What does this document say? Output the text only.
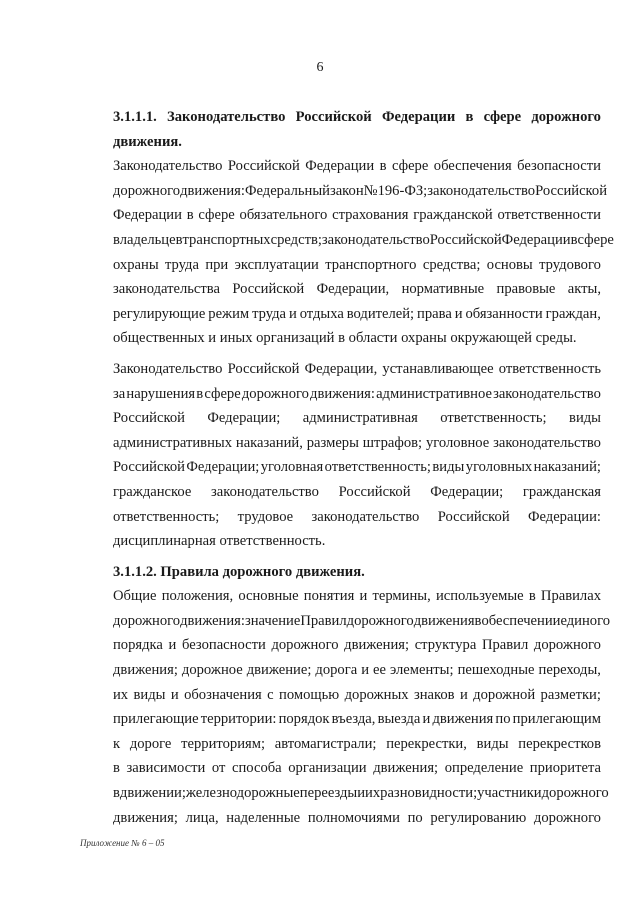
6
3.1.1.1. Законодательство Российской Федерации в сфере дорожного
движения.
Законодательство Российской Федерации в сфере обеспечения безопасности
дорожного движения: Федеральный закон № 196-ФЗ; законодательство Российской
Федерации в сфере обязательного страхования гражданской ответственности
владельцев транспортных средств; законодательство Российской Федерации в сфере
охраны труда при эксплуатации транспортного средства; основы трудового
законодательства Российской Федерации, нормативные правовые акты,
регулирующие режим труда и отдыха водителей; права и обязанности граждан,
общественных и иных организаций в области охраны окружающей среды.
Законодательство Российской Федерации, устанавливающее ответственность
за нарушения в сфере дорожного движения: административное законодательство
Российской Федерации; административная ответственность; виды
административных наказаний, размеры штрафов; уголовное законодательство
Российской Федерации; уголовная ответственность; виды уголовных наказаний;
гражданское законодательство Российской Федерации; гражданская
ответственность; трудовое законодательство Российской Федерации:
дисциплинарная ответственность.
3.1.1.2. Правила дорожного движения.
Общие положения, основные понятия и термины, используемые в Правилах
дорожного движения: значение Правил дорожного движения в обеспечении единого
порядка и безопасности дорожного движения; структура Правил дорожного
движения; дорожное движение; дорога и ее элементы; пешеходные переходы,
их виды и обозначения с помощью дорожных знаков и дорожной разметки;
прилегающие территории: порядок въезда, выезда и движения по прилегающим
к дороге территориям; автомагистрали; перекрестки, виды перекрестков
в зависимости от способа организации движения; определение приоритета
в движении; железнодорожные переезды и их разновидности; участники дорожного
движения; лица, наделенные полномочиями по регулированию дорожного
Приложение № 6 – 05
